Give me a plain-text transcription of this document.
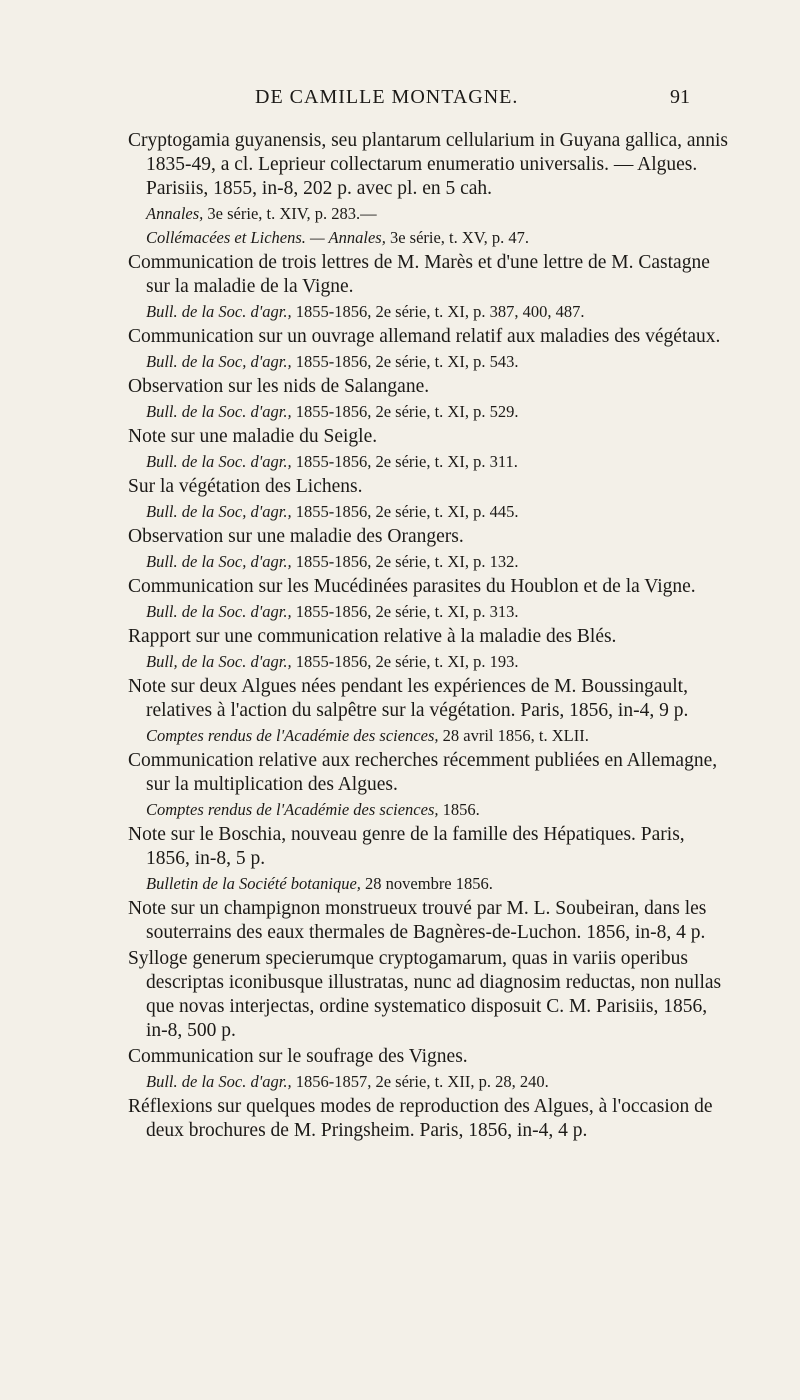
DE CAMILLE MONTAGNE.	91
Cryptogamia guyanensis, seu plantarum cellularium in Guyana gallica, annis 1835-49, a cl. Leprieur collectarum enumeratio universalis. — Algues. Parisiis, 1855, in-8, 202 p. avec pl. en 5 cah.
Annales, 3e série, t. XIV, p. 283.—
Collémacées et Lichens. — Annales, 3e série, t. XV, p. 47.
Communication de trois lettres de M. Marès et d'une lettre de M. Castagne sur la maladie de la Vigne.
Bull. de la Soc. d'agr., 1855-1856, 2e série, t. XI, p. 387, 400, 487.
Communication sur un ouvrage allemand relatif aux maladies des végétaux.
Bull. de la Soc, d'agr., 1855-1856, 2e série, t. XI, p. 543.
Observation sur les nids de Salangane.
Bull. de la Soc. d'agr., 1855-1856, 2e série, t. XI, p. 529.
Note sur une maladie du Seigle.
Bull. de la Soc. d'agr., 1855-1856, 2e série, t. XI, p. 311.
Sur la végétation des Lichens.
Bull. de la Soc, d'agr., 1855-1856, 2e série, t. XI, p. 445.
Observation sur une maladie des Orangers.
Bull. de la Soc, d'agr., 1855-1856, 2e série, t. XI, p. 132.
Communication sur les Mucédinées parasites du Houblon et de la Vigne.
Bull. de la Soc. d'agr., 1855-1856, 2e série, t. XI, p. 313.
Rapport sur une communication relative à la maladie des Blés.
Bull, de la Soc. d'agr., 1855-1856, 2e série, t. XI, p. 193.
Note sur deux Algues nées pendant les expériences de M. Boussingault, relatives à l'action du salpêtre sur la végétation. Paris, 1856, in-4, 9 p.
Comptes rendus de l'Académie des sciences, 28 avril 1856, t. XLII.
Communication relative aux recherches récemment publiées en Allemagne, sur la multiplication des Algues.
Comptes rendus de l'Académie des sciences, 1856.
Note sur le Boschia, nouveau genre de la famille des Hépatiques. Paris, 1856, in-8, 5 p.
Bulletin de la Société botanique, 28 novembre 1856.
Note sur un champignon monstrueux trouvé par M. L. Soubeiran, dans les souterrains des eaux thermales de Bagnères-de-Luchon. 1856, in-8, 4 p.
Sylloge generum specierumque cryptogamarum, quas in variis operibus descriptas iconibusque illustratas, nunc ad diagnosim reductas, non nullas que novas interjectas, ordine systematico disposuit C. M. Parisiis, 1856, in-8, 500 p.
Communication sur le soufrage des Vignes.
Bull. de la Soc. d'agr., 1856-1857, 2e série, t. XII, p. 28, 240.
Réflexions sur quelques modes de reproduction des Algues, à l'occasion de deux brochures de M. Pringsheim. Paris, 1856, in-4, 4 p.
